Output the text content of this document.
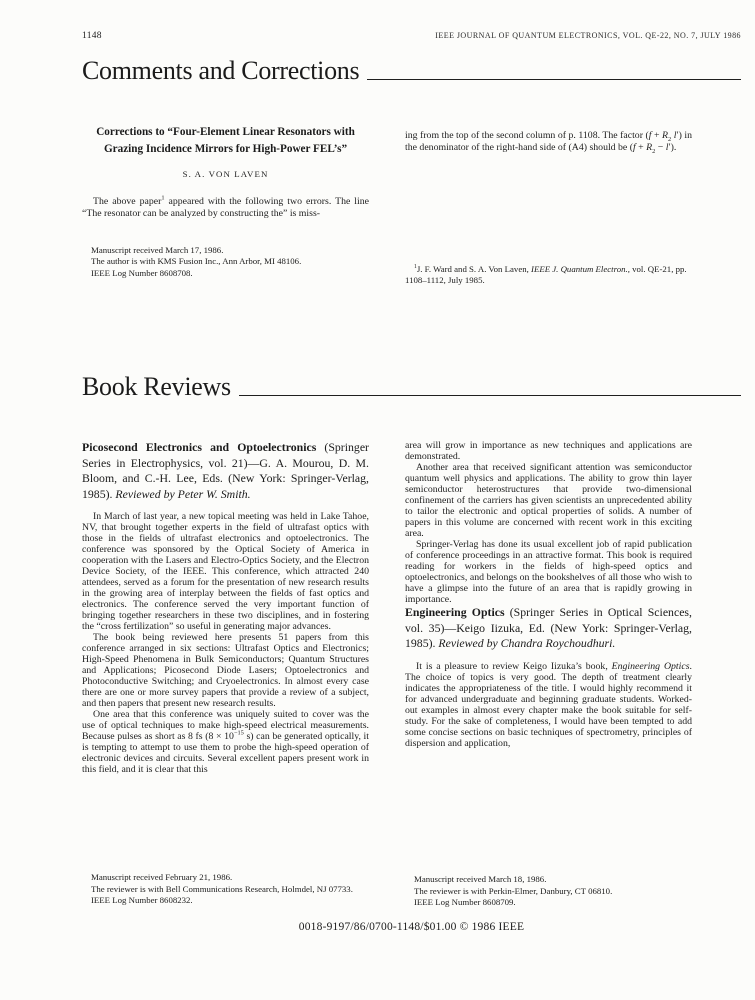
1148	IEEE JOURNAL OF QUANTUM ELECTRONICS, VOL. QE-22, NO. 7, JULY 1986
Comments and Corrections
Corrections to “Four-Element Linear Resonators with Grazing Incidence Mirrors for High-Power FEL’s”
S. A. VON LAVEN

The above paper$^1$ appeared with the following two errors. The line “The resonator can be analyzed by constructing the” is miss-

Manuscript received March 17, 1986.

The author is with KMS Fusion Inc., Ann Arbor, MI 48106.

IEEE Log Number 8608708.

ing from the top of the second column of p. 1108. The factor ($f + R_2$ l′) in the denominator of the right-hand side of (A4) should be $(f + R_2 - l')$.

$^1$J. F. Ward and S. A. Von Laven, IEEE J. Quantum Electron., vol. QE-21, pp. 1108–1112, July 1985.

Book Reviews
Picosecond Electronics and Optoelectronics (Springer Series in Electrophysics, vol. 21)—G. A. Mourou, D. M. Bloom, and C.-H. Lee, Eds. (New York: Springer-Verlag, 1985). Reviewed by Peter W. Smith.

In March of last year, a new topical meeting was held in Lake Tahoe, NV, that brought together experts in the field of ultrafast optics with those in the fields of ultrafast electronics and optoelectronics. The conference was sponsored by the Optical Society of America in cooperation with the Lasers and Electro-Optics Society, and the Electron Device Society, of the IEEE. This conference, which attracted 240 attendees, served as a forum for the presentation of new research results in the growing area of interplay between the fields of fast optics and electronics. The conference served the very important function of bringing together researchers in these two disciplines, and in fostering the “cross fertilization” so useful in generating major advances.

The book being reviewed here presents 51 papers from this conference arranged in six sections: Ultrafast Optics and Electronics; High-Speed Phenomena in Bulk Semiconductors; Quantum Structures and Applications; Picosecond Diode Lasers; Optoelectronics and Photoconductive Switching; and Cryoelectronics. In almost every case there are one or more survey papers that provide a review of a subject, and then papers that present new research results.

One area that this conference was uniquely suited to cover was the use of optical techniques to make high-speed electrical measurements. Because pulses as short as 8 fs ($8 \times 10^{-15}$ s) can be generated optically, it is tempting to attempt to use them to probe the high-speed operation of electronic devices and circuits. Several excellent papers present work in this field, and it is clear that this

Manuscript received February 21, 1986.

The reviewer is with Bell Communications Research, Holmdel, NJ 07733.

IEEE Log Number 8608232.

area will grow in importance as new techniques and applications are demonstrated.

Another area that received significant attention was semiconductor quantum well physics and applications. The ability to grow thin layer semiconductor heterostructures that provide two-dimensional confinement of the carriers has given scientists an unprecedented ability to tailor the electronic and optical properties of solids. A number of papers in this volume are concerned with recent work in this exciting area.

Springer-Verlag has done its usual excellent job of rapid publication of conference proceedings in an attractive format. This book is required reading for workers in the fields of high-speed optics and optoelectronics, and belongs on the bookshelves of all those who wish to have a glimpse into the future of an area that is rapidly growing in importance.

Engineering Optics (Springer Series in Optical Sciences, vol. 35)—Keigo Iizuka, Ed. (New York: Springer-Verlag, 1985). Reviewed by Chandra Roychoudhuri.

It is a pleasure to review Keigo Iizuka’s book, Engineering Optics. The choice of topics is very good. The depth of treatment clearly indicates the appropriateness of the title. I would highly recommend it for advanced undergraduate and beginning graduate students. Worked-out examples in almost every chapter make the book suitable for self-study. For the sake of completeness, I would have been tempted to add some concise sections on basic techniques of spectrometry, principles of dispersion and application,

Manuscript received March 18, 1986.

The reviewer is with Perkin-Elmer, Danbury, CT 06810.

IEEE Log Number 8608709.

0018-9197/86/0700-1148/$01.00 © 1986 IEEE
